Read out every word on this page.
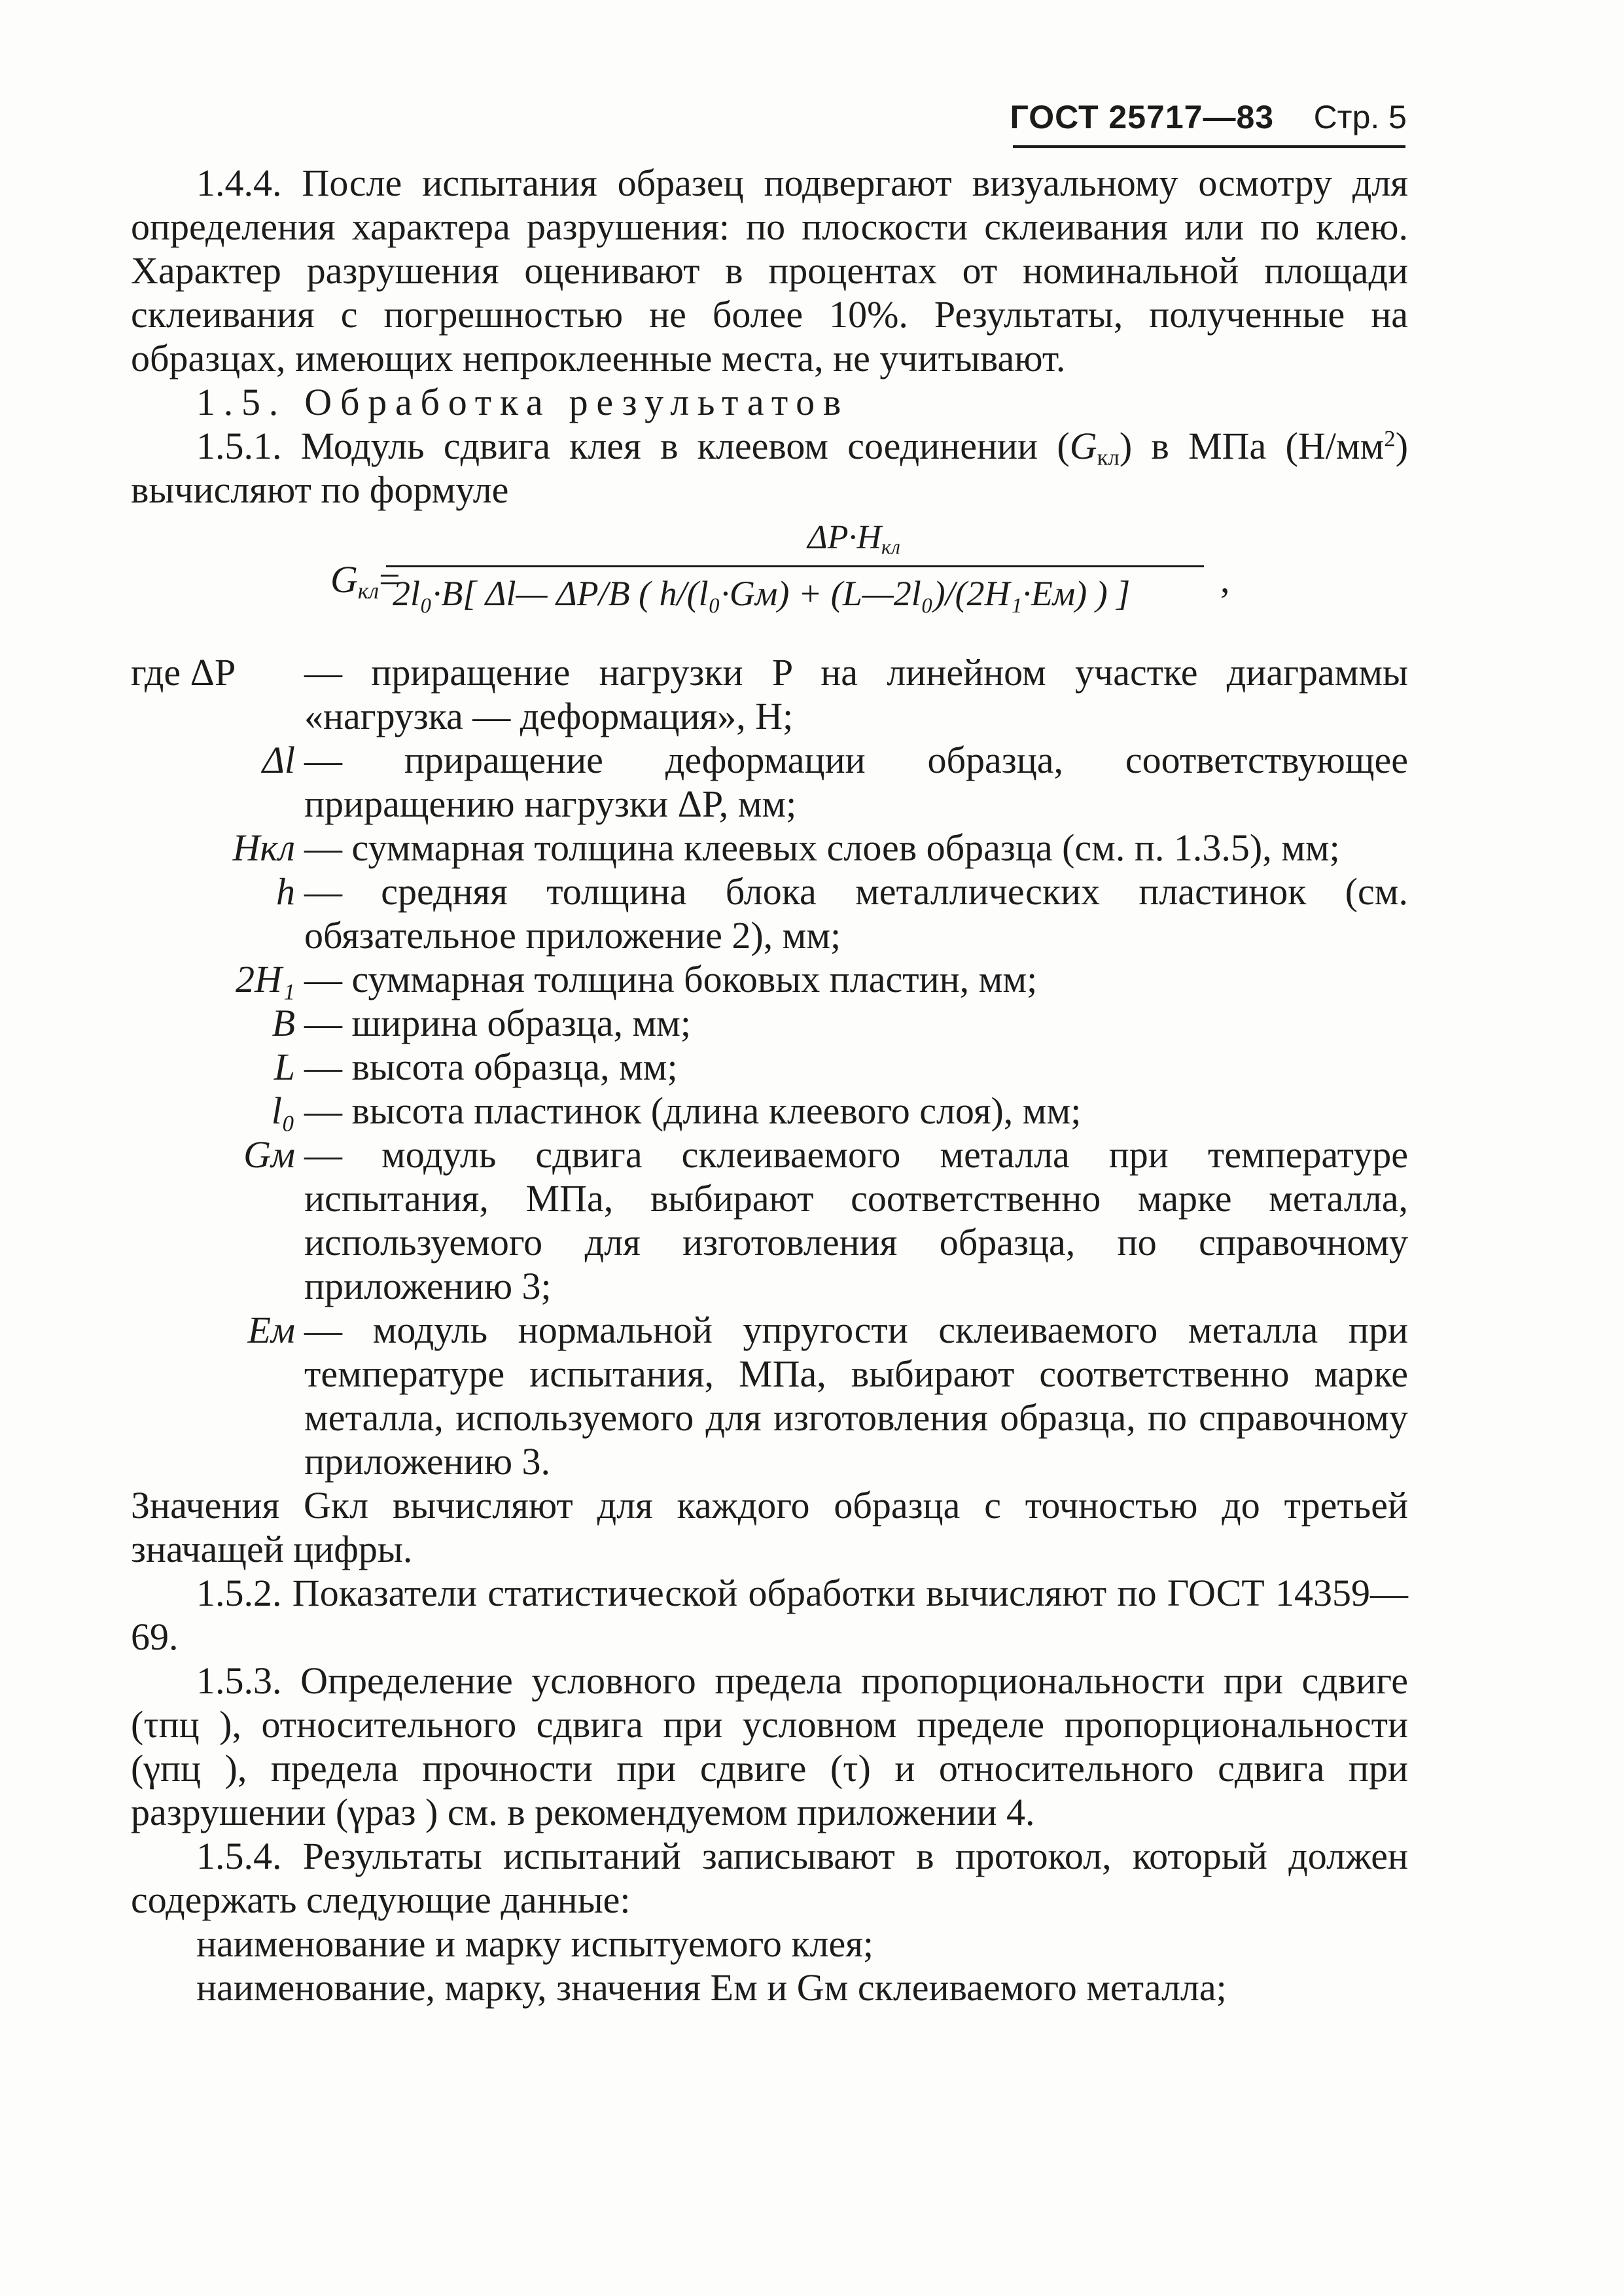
ГОСТ 25717—83 Стр. 5

1.4.4. После испытания образец подвергают визуальному осмотру для определения характера разрушения: по плоскости склеивания или по клею. Характер разрушения оценивают в процентах от номинальной площади склеивания с погрешностью не более 10%. Результаты, полученные на образцах, имеющих непроклеенные места, не учитывают.

1.5. Обработка результатов

1.5.1. Модуль сдвига клея в клеевом соединении $(G_{кл})$ в МПа $(Н/мм^2)$ вычисляют по формуле

$G_{кл}=$
$\Delta P\cdot H_{кл}$
2l₀·B[ Δl— ΔP/B ( h/(l₀·Gм) + (L—2l₀)/(2H₁·Eм) ) ] ,
где ΔP	— приращение нагрузки P на линейном участке диаграммы «нагрузка — деформация», Н;
Δl — приращение деформации образца, соответствующее приращению нагрузки ΔP, мм;
Hкл — суммарная толщина клеевых слоев образца (см. п. 1.3.5), мм;
h — средняя толщина блока металлических пластинок (см. обязательное приложение 2), мм;
2H₁ — суммарная толщина боковых пластин, мм;
B — ширина образца, мм;
L — высота образца, мм;
l₀ — высота пластинок (длина клеевого слоя), мм;
Gм — модуль сдвига склеиваемого металла при температуре испытания, МПа, выбирают соответственно марке металла, используемого для изготовления образца, по справочному приложению 3;
Eм — модуль нормальной упругости склеиваемого металла при температуре испытания, МПа, выбирают соответственно марке металла, используемого для изготовления образца, по справочному приложению 3.

Значения Gкл вычисляют для каждого образца с точностью до третьей значащей цифры.

1.5.2. Показатели статистической обработки вычисляют по ГОСТ 14359—69.

1.5.3. Определение условного предела пропорциональности при сдвиге (τпц ), относительного сдвига при условном пределе пропорциональности (γпц ), предела прочности при сдвиге (τ) и относительного сдвига при разрушении (γраз ) см. в рекомендуемом приложении 4.

1.5.4. Результаты испытаний записывают в протокол, который должен содержать следующие данные:

наименование и марку испытуемого клея;

наименование, марку, значения Eм и Gм склеиваемого металла;
